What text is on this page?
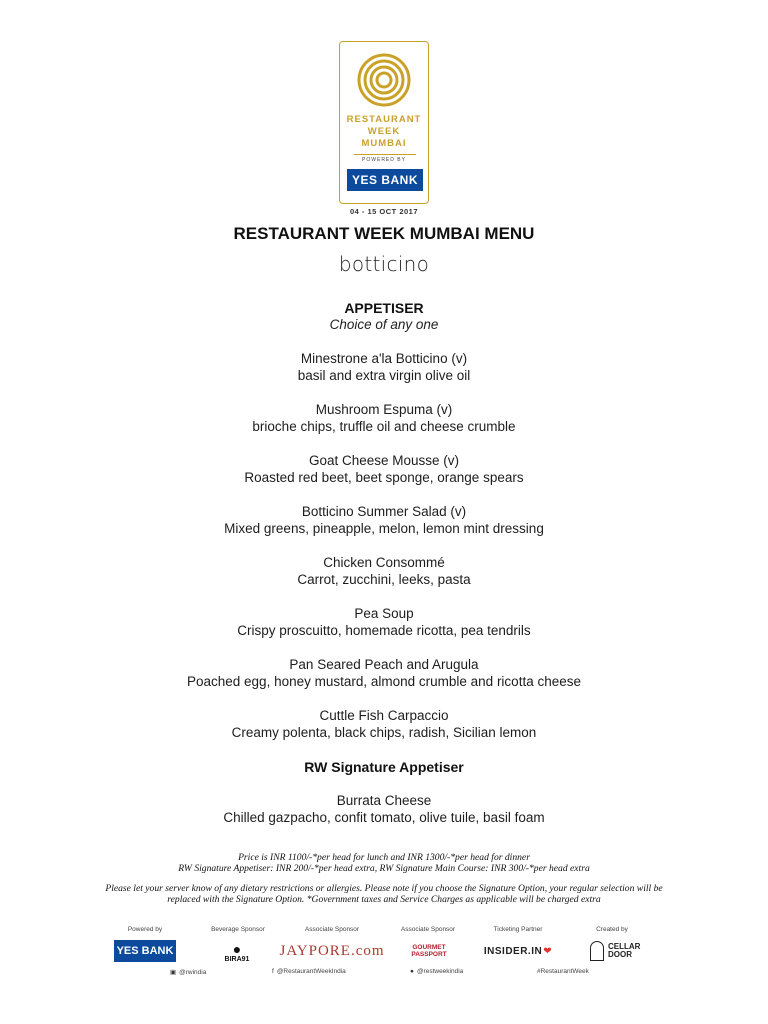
RESTAURANT
WEEK
MUMBAI
POWERED BY
YES BANK
04 - 15 OCT 2017
RESTAURANT WEEK MUMBAI MENU
botticino
APPETISER
Choice of any one
Minestrone a'la Botticino (v)
basil and extra virgin olive oil
Mushroom Espuma (v)
brioche chips, truffle oil and cheese crumble
Goat Cheese Mousse (v)
Roasted red beet, beet sponge, orange spears
Botticino Summer Salad (v)
Mixed greens, pineapple, melon, lemon mint dressing
Chicken Consommé
Carrot, zucchini, leeks, pasta
Pea Soup
Crispy proscuitto, homemade ricotta, pea tendrils
Pan Seared Peach and Arugula
Poached egg, honey mustard, almond crumble and ricotta cheese
Cuttle Fish Carpaccio
Creamy polenta, black chips, radish, Sicilian lemon
RW Signature Appetiser
Burrata Cheese
Chilled gazpacho, confit tomato, olive tuile, basil foam
Price is INR 1100/-*per head for lunch and INR 1300/-*per head for dinner
RW Signature Appetiser: INR 200/-*per head extra, RW Signature Main Course: INR 300/-*per head extra
Please let your server know of any dietary restrictions or allergies. Please note if you choose the Signature Option, your regular selection will be replaced with the Signature Option. *Government taxes and Service Charges as applicable will be charged extra
Powered by	Beverage Sponsor	Associate Sponsor	Associate Sponsor	Ticketing Partner	Created by
YES BANK	●
BIRA91
JAYPORE.com	GOURMET PASSPORT	INSIDER.IN ❤	CELLAR DOOR
▣ @rwindia	f @RestaurantWeekIndia	● @restweekindia	#RestaurantWeek
